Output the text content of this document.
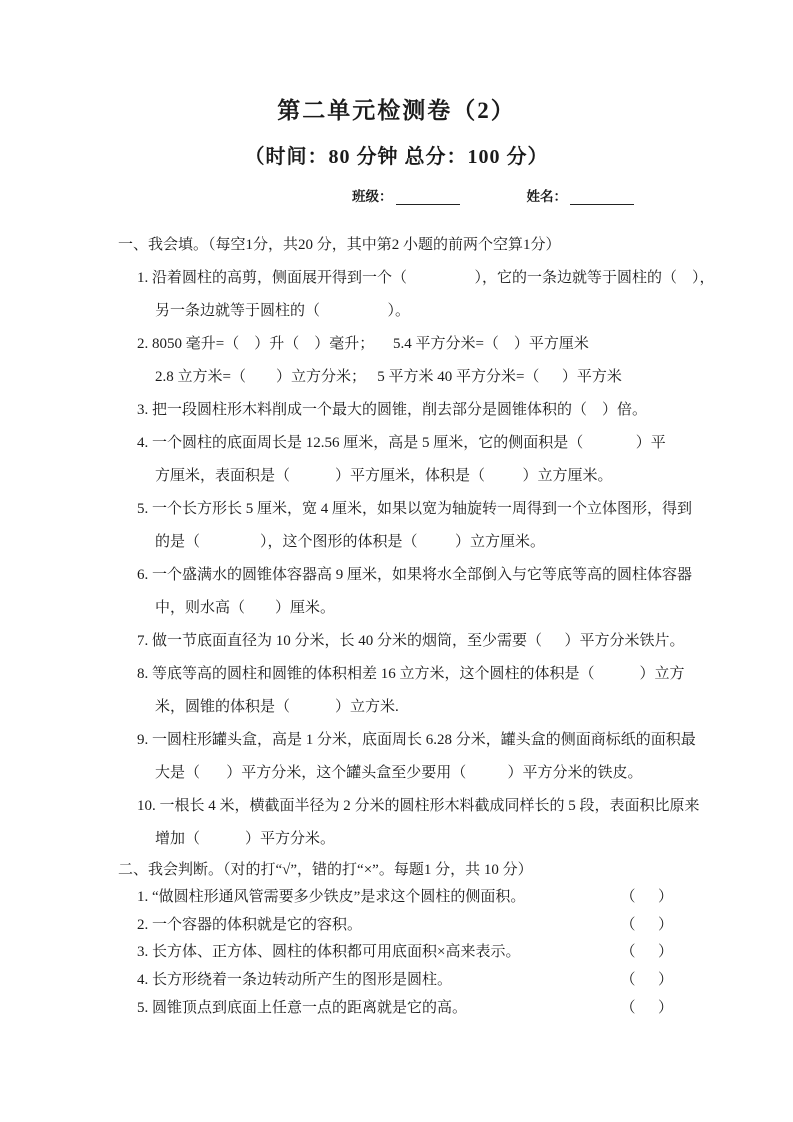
第二单元检测卷（2）
（时间：80 分钟 总分：100 分）
班级：	姓名：
一、我会填。（每空1分，共20 分，其中第2 小题的前两个空算1分）
1. 沿着圆柱的高剪，侧面展开得到一个（                  ），它的一条边就等于圆柱的（    ），
另一条边就等于圆柱的（                  ）。
2. 8050 毫升=（    ）升（    ）毫升；     5.4 平方分米=（    ）平方厘米
2.8 立方米=（        ）立方分米；   5 平方米 40 平方分米=（      ）平方米
3. 把一段圆柱形木料削成一个最大的圆锥，削去部分是圆锥体积的（    ）倍。
4. 一个圆柱的底面周长是 12.56 厘米，高是 5 厘米，它的侧面积是（              ）平
方厘米，表面积是（            ）平方厘米，体积是（          ）立方厘米。
5. 一个长方形长 5 厘米，宽 4 厘米，如果以宽为轴旋转一周得到一个立体图形，得到
的是（                ），这个图形的体积是（          ）立方厘米。
6. 一个盛满水的圆锥体容器高 9 厘米，如果将水全部倒入与它等底等高的圆柱体容器
中，则水高（        ）厘米。
7. 做一节底面直径为 10 分米，长 40 分米的烟筒，至少需要（      ）平方分米铁片。
8. 等底等高的圆柱和圆锥的体积相差 16 立方米，这个圆柱的体积是（            ）立方
米，圆锥的体积是（            ）立方米.
9. 一圆柱形罐头盒，高是 1 分米，底面周长 6.28 分米，罐头盒的侧面商标纸的面积最
大是（       ）平方分米，这个罐头盒至少要用（           ）平方分米的铁皮。
10. 一根长 4 米，横截面半径为 2 分米的圆柱形木料截成同样长的 5 段，表面积比原来
增加（            ）平方分米。
二、我会判断。（对的打“√”，错的打“×”。每题1 分，共 10 分）
1. “做圆柱形通风管需要多少铁皮”是求这个圆柱的侧面积。	（      ）
2. 一个容器的体积就是它的容积。	（      ）
3. 长方体、正方体、圆柱的体积都可用底面积×高来表示。	（      ）
4. 长方形绕着一条边转动所产生的图形是圆柱。	（      ）
5. 圆锥顶点到底面上任意一点的距离就是它的高。	（      ）
